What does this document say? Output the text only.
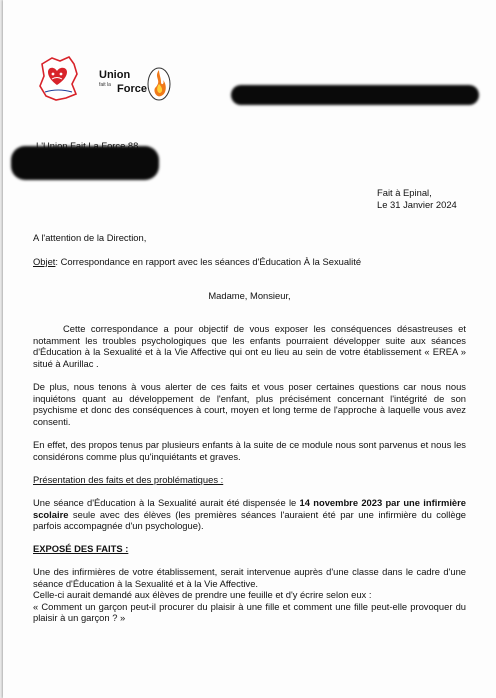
Union
fait la Force
L'Union Fait La Force 88
Fait à Epinal,
Le 31 Janvier 2024
A l'attention de la Direction,
Objet: Correspondance en rapport avec les séances d'Éducation À la Sexualité
Madame, Monsieur,
Cette correspondance a pour objectif de vous exposer les conséquences désastreuses et notamment les troubles psychologiques que les enfants pourraient développer suite aux séances d'Éducation à la Sexualité et à la Vie Affective qui ont eu lieu au sein de votre établissement « EREA » situé à Aurillac .
De plus, nous tenons à vous alerter de ces faits et vous poser certaines questions car nous nous inquiétons quant au développement de l'enfant, plus précisément concernant l'intégrité de son psychisme et donc des conséquences à court, moyen et long terme de l'approche à laquelle vous avez consenti.
En effet, des propos tenus par plusieurs enfants à la suite de ce module nous sont parvenus et nous les considérons comme plus qu'inquiétants et graves.
Présentation des faits et des problématiques :
Une séance d'Éducation à la Sexualité aurait été dispensée le 14 novembre 2023 par une infirmière scolaire seule avec des élèves (les premières séances l'auraient été par une infirmière du collège parfois accompagnée d'un psychologue).
EXPOSÉ DES FAITS :
Une des infirmières de votre établissement, serait intervenue auprès d'une classe dans le cadre d'une séance d'Éducation à la Sexualité et à la Vie Affective.
Celle-ci aurait demandé aux élèves de prendre une feuille et d'y écrire selon eux :
« Comment un garçon peut-il procurer du plaisir à une fille et comment une fille peut-elle provoquer du plaisir à un garçon ? »
